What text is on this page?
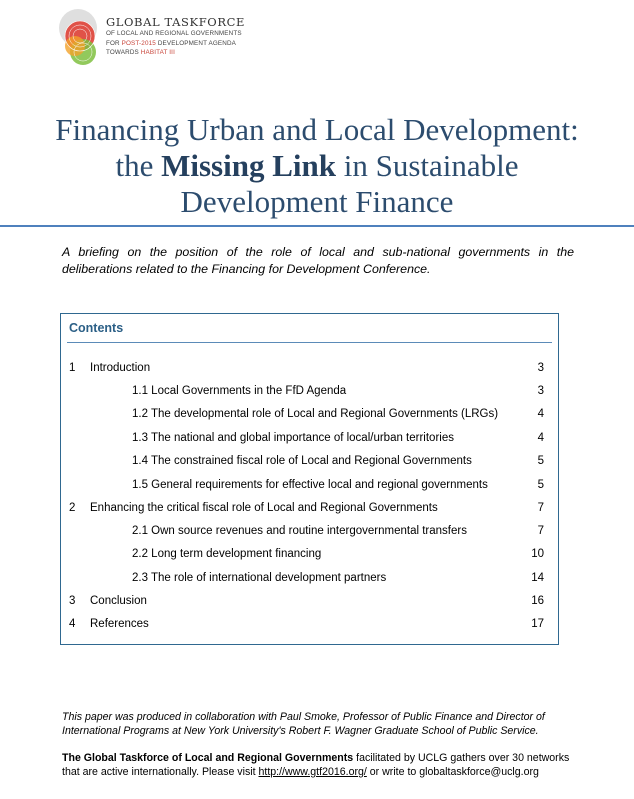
GLOBAL TASKFORCE
OF LOCAL AND REGIONAL GOVERNMENTS
FOR POST-2015 DEVELOPMENT AGENDA
TOWARDS HABITAT III
Financing Urban and Local Development:
the Missing Link in Sustainable
Development Finance
A briefing on the position of the role of local and sub-national governments in the deliberations related to the Financing for Development Conference.
Contents
1 Introduction	3
1.1 Local Governments in the FfD Agenda	3
1.2 The developmental role of Local and Regional Governments (LRGs)	4
1.3 The national and global importance of local/urban territories	4
1.4 The constrained fiscal role of Local and Regional Governments	5
1.5 General requirements for effective local and regional governments	5
2 Enhancing the critical fiscal role of Local and Regional Governments	7
2.1 Own source revenues and routine intergovernmental transfers	7
2.2 Long term development financing	10
2.3 The role of international development partners	14
3 Conclusion	16
4 References	17
This paper was produced in collaboration with Paul Smoke, Professor of Public Finance and Director of International Programs at New York University's Robert F. Wagner Graduate School of Public Service.
The Global Taskforce of Local and Regional Governments facilitated by UCLG gathers over 30 networks that are active internationally. Please visit http://www.gtf2016.org/ or write to globaltaskforce@uclg.org
